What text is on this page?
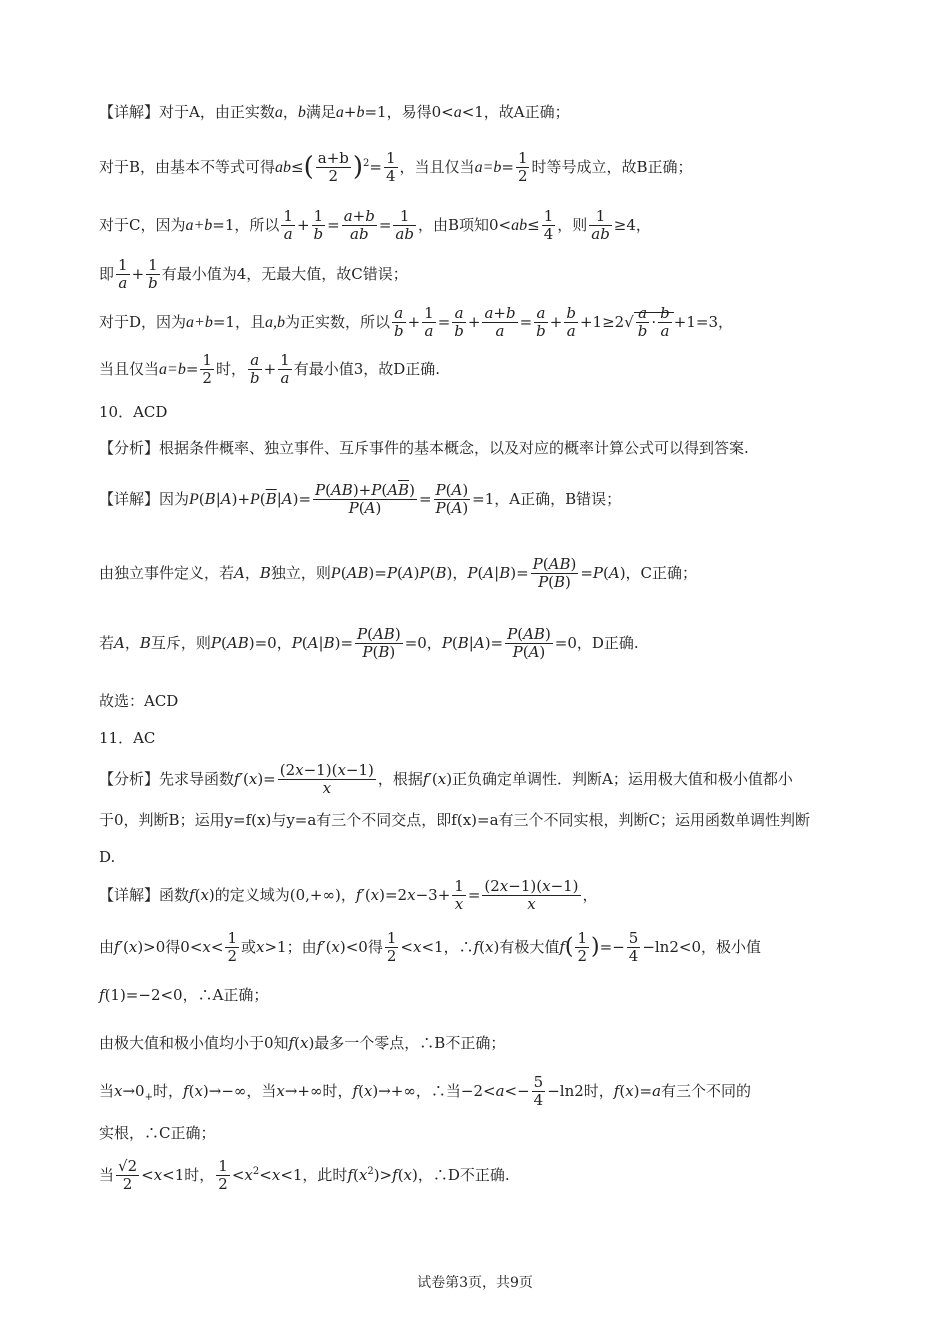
【详解】对于A，由正实数a，b满足a+b=1，易得0<a<1，故A正确；
对于B，由基本不等式可得$ab\le( \frac{a+b}{2} )^2= \frac{1}{4}$ ，当且仅当$a=b= \frac{1}{2}$ 时等号成立，故B正确；
对于C，因为a+b=1，所以 $\frac{1}{a} + \frac{1}{b} = \frac{a+b}{ab} = \frac{1}{ab}$ ，由B项知$0<ab\le \frac{1}{4}$ ，则 $\frac{1}{ab} \ge 4$，
即 $\frac{1}{a} + \frac{1}{b}$ 有最小值为4，无最大值，故C错误；
对于D，因为a+b=1，且a,b为正实数，所以 $\frac{a}{b} + \frac{1}{a} = \frac{a}{b} + \frac{a+b}{a} = \frac{a}{b} + \frac{b}{a} +1\ge 2√ \frac{a}{b} \cdot \frac{b}{a} +1=3$，
当且仅当$a=b= \frac{1}{2}$ 时， $\frac{a}{b} + \frac{1}{a}$ 有最小值3，故D正确.
10．ACD
【分析】根据条件概率、独立事件、互斥事件的基本概念，以及对应的概率计算公式可以得到答案.
【详解】因为$P(B|A)+P(\overline{B}|A)= \frac{P(AB)+P(A\overline{B})}{P(A)} = \frac{P(A)}{P(A)} =1$，A正确，B错误；
由独立事件定义，若A，B独立，则P(AB)=P(A)P(B)，$P(A|B)= \frac{P(AB)}{P(B)} =P(A)$，C正确；
若A，B互斥，则P(AB)=0，$P(A|B)= \frac{P(AB)}{P(B)} =0$，$P(B|A)= \frac{P(AB)}{P(A)} =0$，D正确.
故选：ACD
11．AC
【分析】先求导函数$f'(x)= \frac{(2x-1)(x-1)}{x}$ ，根据f′(x)正负确定单调性．判断A；运用极大值和极小值都小
于0，判断B；运用y=f(x)与y=a有三个不同交点，即f(x)=a有三个不同实根，判断C；运用函数单调性判断
D.
【详解】函数f(x)的定义域为(0,+∞)，$f'(x)=2x-3+ \frac{1}{x} = \frac{(2x-1)(x-1)}{x}$ ，
由f′(x)>0得$0<x< \frac{1}{2}$ 或x>1；由f′(x)<0得 $\frac{1}{2} <x<1$，∴f(x)有极大值$f( \frac{1}{2}$ )=− $\frac{5}{4} -\ln 2<0$，极小值
f(1)=−2<0，∴A正确；
由极大值和极小值均小于0知f(x)最多一个零点，∴B不正确；
当$x\to 0_+$时，f(x)→−∞，当x→+∞时，f(x)→+∞，∴当$-2<a<- \frac{5}{4} -\ln 2$时，f(x)=a有三个不同的
实根，∴C正确；
当 $\frac{√2}{2} <x<1$时， $\frac{1}{2} <x^2<x<1$，此时$f(x^2)>f(x)$，∴D不正确.
试卷第3页，共9页
